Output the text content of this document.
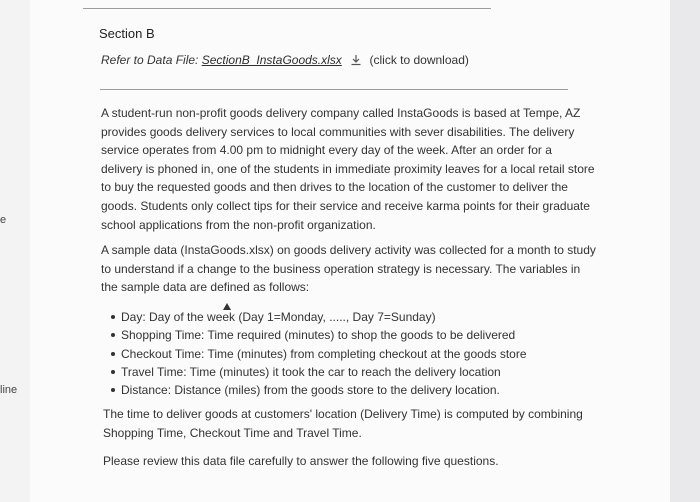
e
line
Section B
Refer to Data File: SectionB_InstaGoods.xlsx (click to download)
A student-run non-profit goods delivery company called InstaGoods is based at Tempe, AZ provides goods delivery services to local communities with sever disabilities. The delivery service operates from 4.00 pm to midnight every day of the week. After an order for a delivery is phoned in, one of the students in immediate proximity leaves for a local retail store to buy the requested goods and then drives to the location of the customer to deliver the goods. Students only collect tips for their service and receive karma points for their graduate school applications from the non-profit organization.
A sample data (InstaGoods.xlsx) on goods delivery activity was collected for a month to study to understand if a change to the business operation strategy is necessary. The variables in the sample data are defined as follows:
Day: Day of the week (Day 1=Monday, ....., Day 7=Sunday)
Shopping Time: Time required (minutes) to shop the goods to be delivered
Checkout Time: Time (minutes) from completing checkout at the goods store
Travel Time: Time (minutes) it took the car to reach the delivery location
Distance: Distance (miles) from the goods store to the delivery location.
The time to deliver goods at customers' location (Delivery Time) is computed by combining Shopping Time, Checkout Time and Travel Time.
Please review this data file carefully to answer the following five questions.
